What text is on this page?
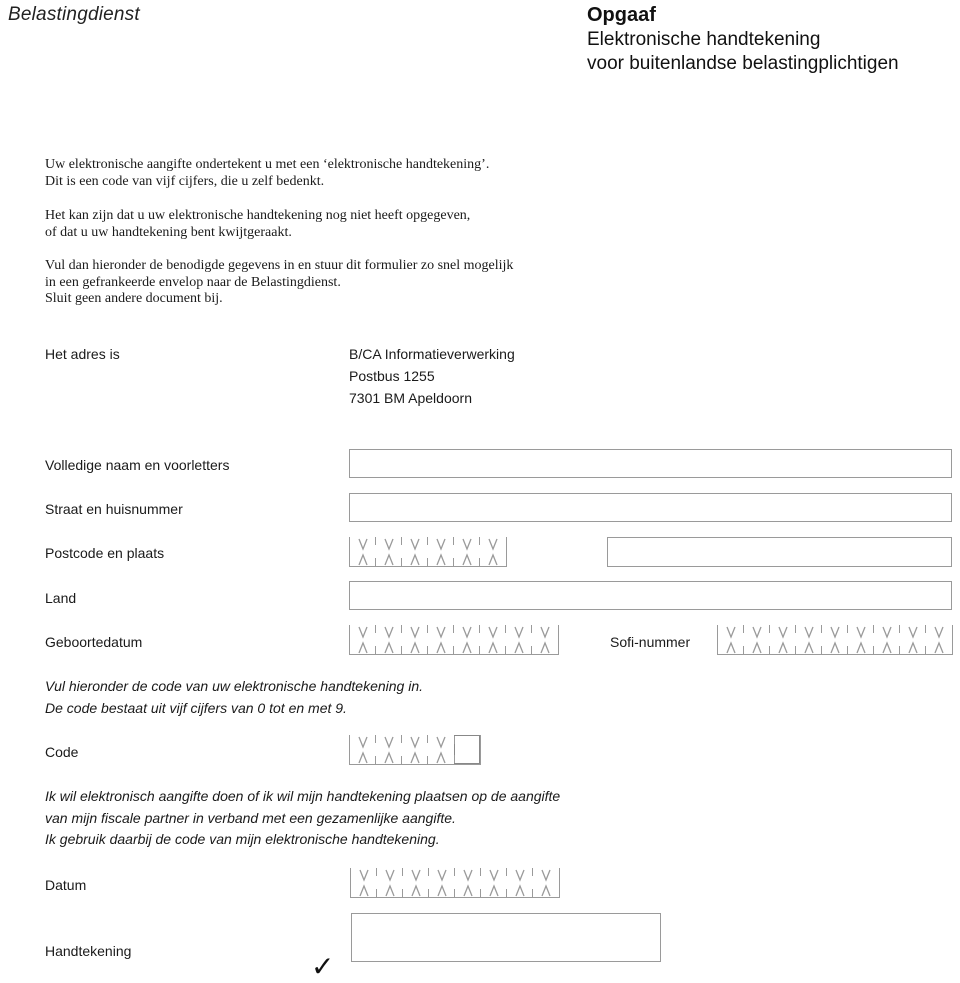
Belastingdienst	Opgaaf
Elektronische handtekening
voor buitenlandse belastingplichtigen
Uw elektronische aangifte ondertekent u met een ‘elektronische handtekening’.
Dit is een code van vijf cijfers, die u zelf bedenkt.
Het kan zijn dat u uw elektronische handtekening nog niet heeft opgegeven,
of dat u uw handtekening bent kwijtgeraakt.
Vul dan hieronder de benodigde gegevens in en stuur dit formulier zo snel mogelijk
in een gefrankeerde envelop naar de Belastingdienst.
Sluit geen andere document bij.
Het adres is	B/CA Informatieverwerking
Postbus 1255
7301 BM Apeldoorn
Volledige naam en voorletters
Straat en huisnummer
Postcode en plaats
Land
Geboortedatum	Sofi-nummer
Vul hieronder de code van uw elektronische handtekening in.
De code bestaat uit vijf cijfers van 0 tot en met 9.
Code
Ik wil elektronisch aangifte doen of ik wil mijn handtekening plaatsen op de aangifte
van mijn fiscale partner in verband met een gezamenlijke aangifte.
Ik gebruik daarbij de code van mijn elektronische handtekening.
Datum
Handtekening	✓
